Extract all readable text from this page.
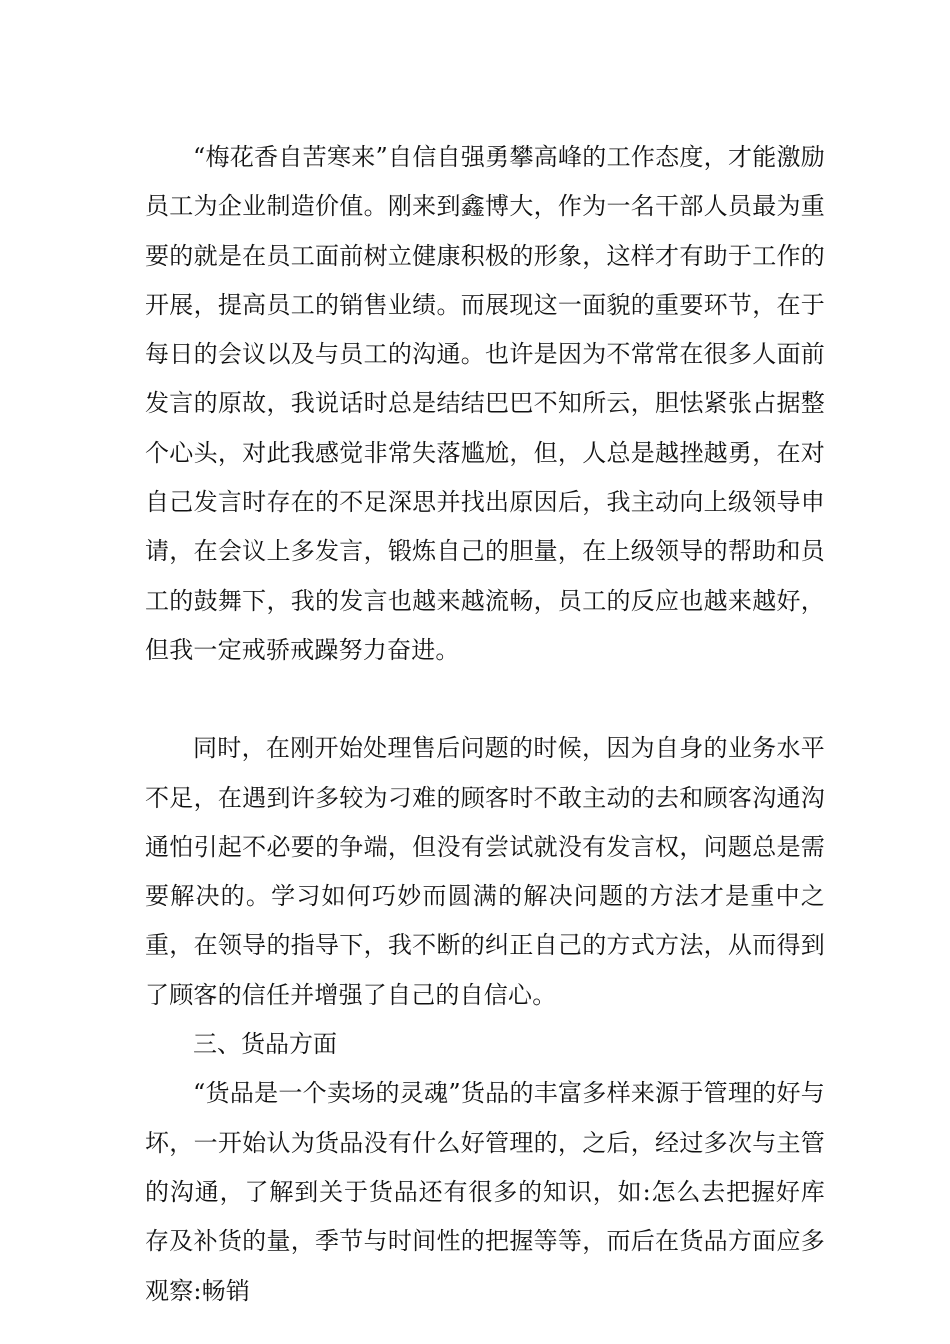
“梅花香自苦寒来”自信自强勇攀高峰的工作态度，才能激励员工为企业制造价值。刚来到鑫博大，作为一名干部人员最为重要的就是在员工面前树立健康积极的形象，这样才有助于工作的开展，提高员工的销售业绩。而展现这一面貌的重要环节，在于每日的会议以及与员工的沟通。也许是因为不常常在很多人面前发言的原故，我说话时总是结结巴巴不知所云，胆怯紧张占据整个心头，对此我感觉非常失落尴尬，但，人总是越挫越勇，在对自己发言时存在的不足深思并找出原因后，我主动向上级领导申请，在会议上多发言，锻炼自己的胆量，在上级领导的帮助和员工的鼓舞下，我的发言也越来越流畅，员工的反应也越来越好，但我一定戒骄戒躁努力奋进。

同时，在刚开始处理售后问题的时候，因为自身的业务水平不足，在遇到许多较为刁难的顾客时不敢主动的去和顾客沟通沟通怕引起不必要的争端，但没有尝试就没有发言权，问题总是需要解决的。学习如何巧妙而圆满的解决问题的方法才是重中之重，在领导的指导下，我不断的纠正自己的方式方法，从而得到了顾客的信任并增强了自己的自信心。

三、货品方面

“货品是一个卖场的灵魂”货品的丰富多样来源于管理的好与坏，一开始认为货品没有什么好管理的，之后，经过多次与主管的沟通，了解到关于货品还有很多的知识，如:怎么去把握好库存及补货的量，季节与时间性的把握等等，而后在货品方面应多观察:畅销
